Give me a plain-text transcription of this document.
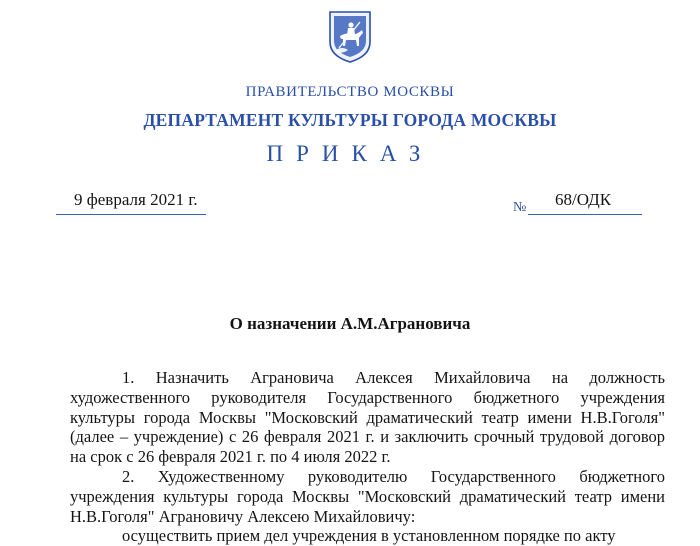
ПРАВИТЕЛЬСТВО МОСКВЫ
ДЕПАРТАМЕНТ КУЛЬТУРЫ ГОРОДА МОСКВЫ
ПРИКАЗ
9 февраля 2021 г.	№ 68/ОДК
О назначении А.М.Аграновича

1. Назначить Аграновича Алексея Михайловича на должность художественного руководителя Государственного бюджетного учреждения культуры города Москвы "Московский драматический театр имени Н.В.Гоголя" (далее – учреждение) с 26 февраля 2021 г. и заключить срочный трудовой договор на срок с 26 февраля 2021 г. по 4 июля 2022 г.

2. Художественному руководителю Государственного бюджетного учреждения культуры города Москвы "Московский драматический театр имени Н.В.Гоголя" Аграновичу Алексею Михайловичу:

осуществить прием дел учреждения в установленном порядке по акту
